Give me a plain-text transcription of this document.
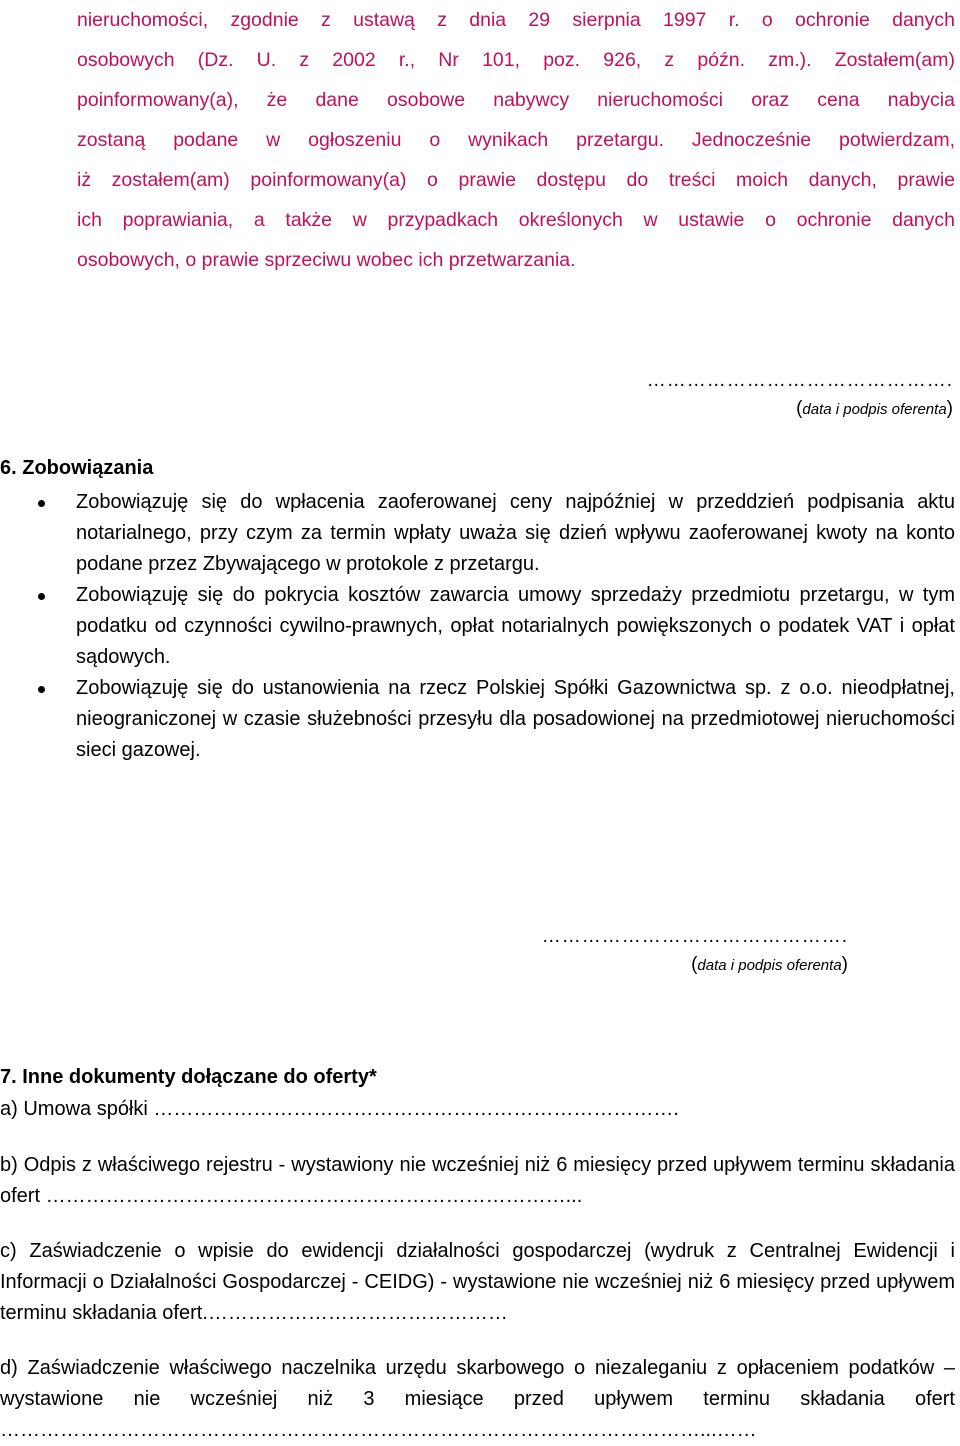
nieruchomości, zgodnie z ustawą z dnia 29 sierpnia 1997 r. o ochronie danych
osobowych (Dz. U. z 2002 r., Nr 101, poz. 926, z późn. zm.). Zostałem(am)
poinformowany(a), że dane osobowe nabywcy nieruchomości oraz cena nabycia
zostaną podane w ogłoszeniu o wynikach przetargu. Jednocześnie potwierdzam,
iż zostałem(am) poinformowany(a) o prawie dostępu do treści moich danych, prawie
ich poprawiania, a także w przypadkach określonych w ustawie o ochronie danych
osobowych, o prawie sprzeciwu wobec ich przetwarzania.
……………………………………….
(data i podpis oferenta)
6. Zobowiązania
Zobowiązuję się do wpłacenia zaoferowanej ceny najpóźniej w przeddzień podpisania aktu notarialnego, przy czym za termin wpłaty uważa się dzień wpływu zaoferowanej kwoty na konto podane przez Zbywającego w protokole z przetargu.
Zobowiązuję się do pokrycia kosztów zawarcia umowy sprzedaży przedmiotu przetargu, w tym podatku od czynności cywilno-prawnych, opłat notarialnych powiększonych o podatek VAT i opłat sądowych.
Zobowiązuję się do ustanowienia na rzecz Polskiej Spółki Gazownictwa sp. z o.o. nieodpłatnej, nieograniczonej w czasie służebności przesyłu dla posadowionej na przedmiotowej nieruchomości sieci gazowej.
……………………………………….
(data i podpis oferenta)
7. Inne dokumenty dołączane do oferty*

a) Umowa spółki …………………………………………………………………….

b) Odpis z właściwego rejestru - wystawiony nie wcześniej niż 6 miesięcy przed upływem terminu składania ofert ……………………………………………………………………...

c) Zaświadczenie o wpisie do ewidencji działalności gospodarczej (wydruk z Centralnej Ewidencji i Informacji o Działalności Gospodarczej - CEIDG) - wystawione nie wcześniej niż 6 miesięcy przed upływem terminu składania ofert.………………………………………

d) Zaświadczenie właściwego naczelnika urzędu skarbowego o niezaleganiu z opłaceniem podatków – wystawione nie wcześniej niż 3 miesiące przed upływem terminu składania ofert ……………………………………………………………………………………………...……
